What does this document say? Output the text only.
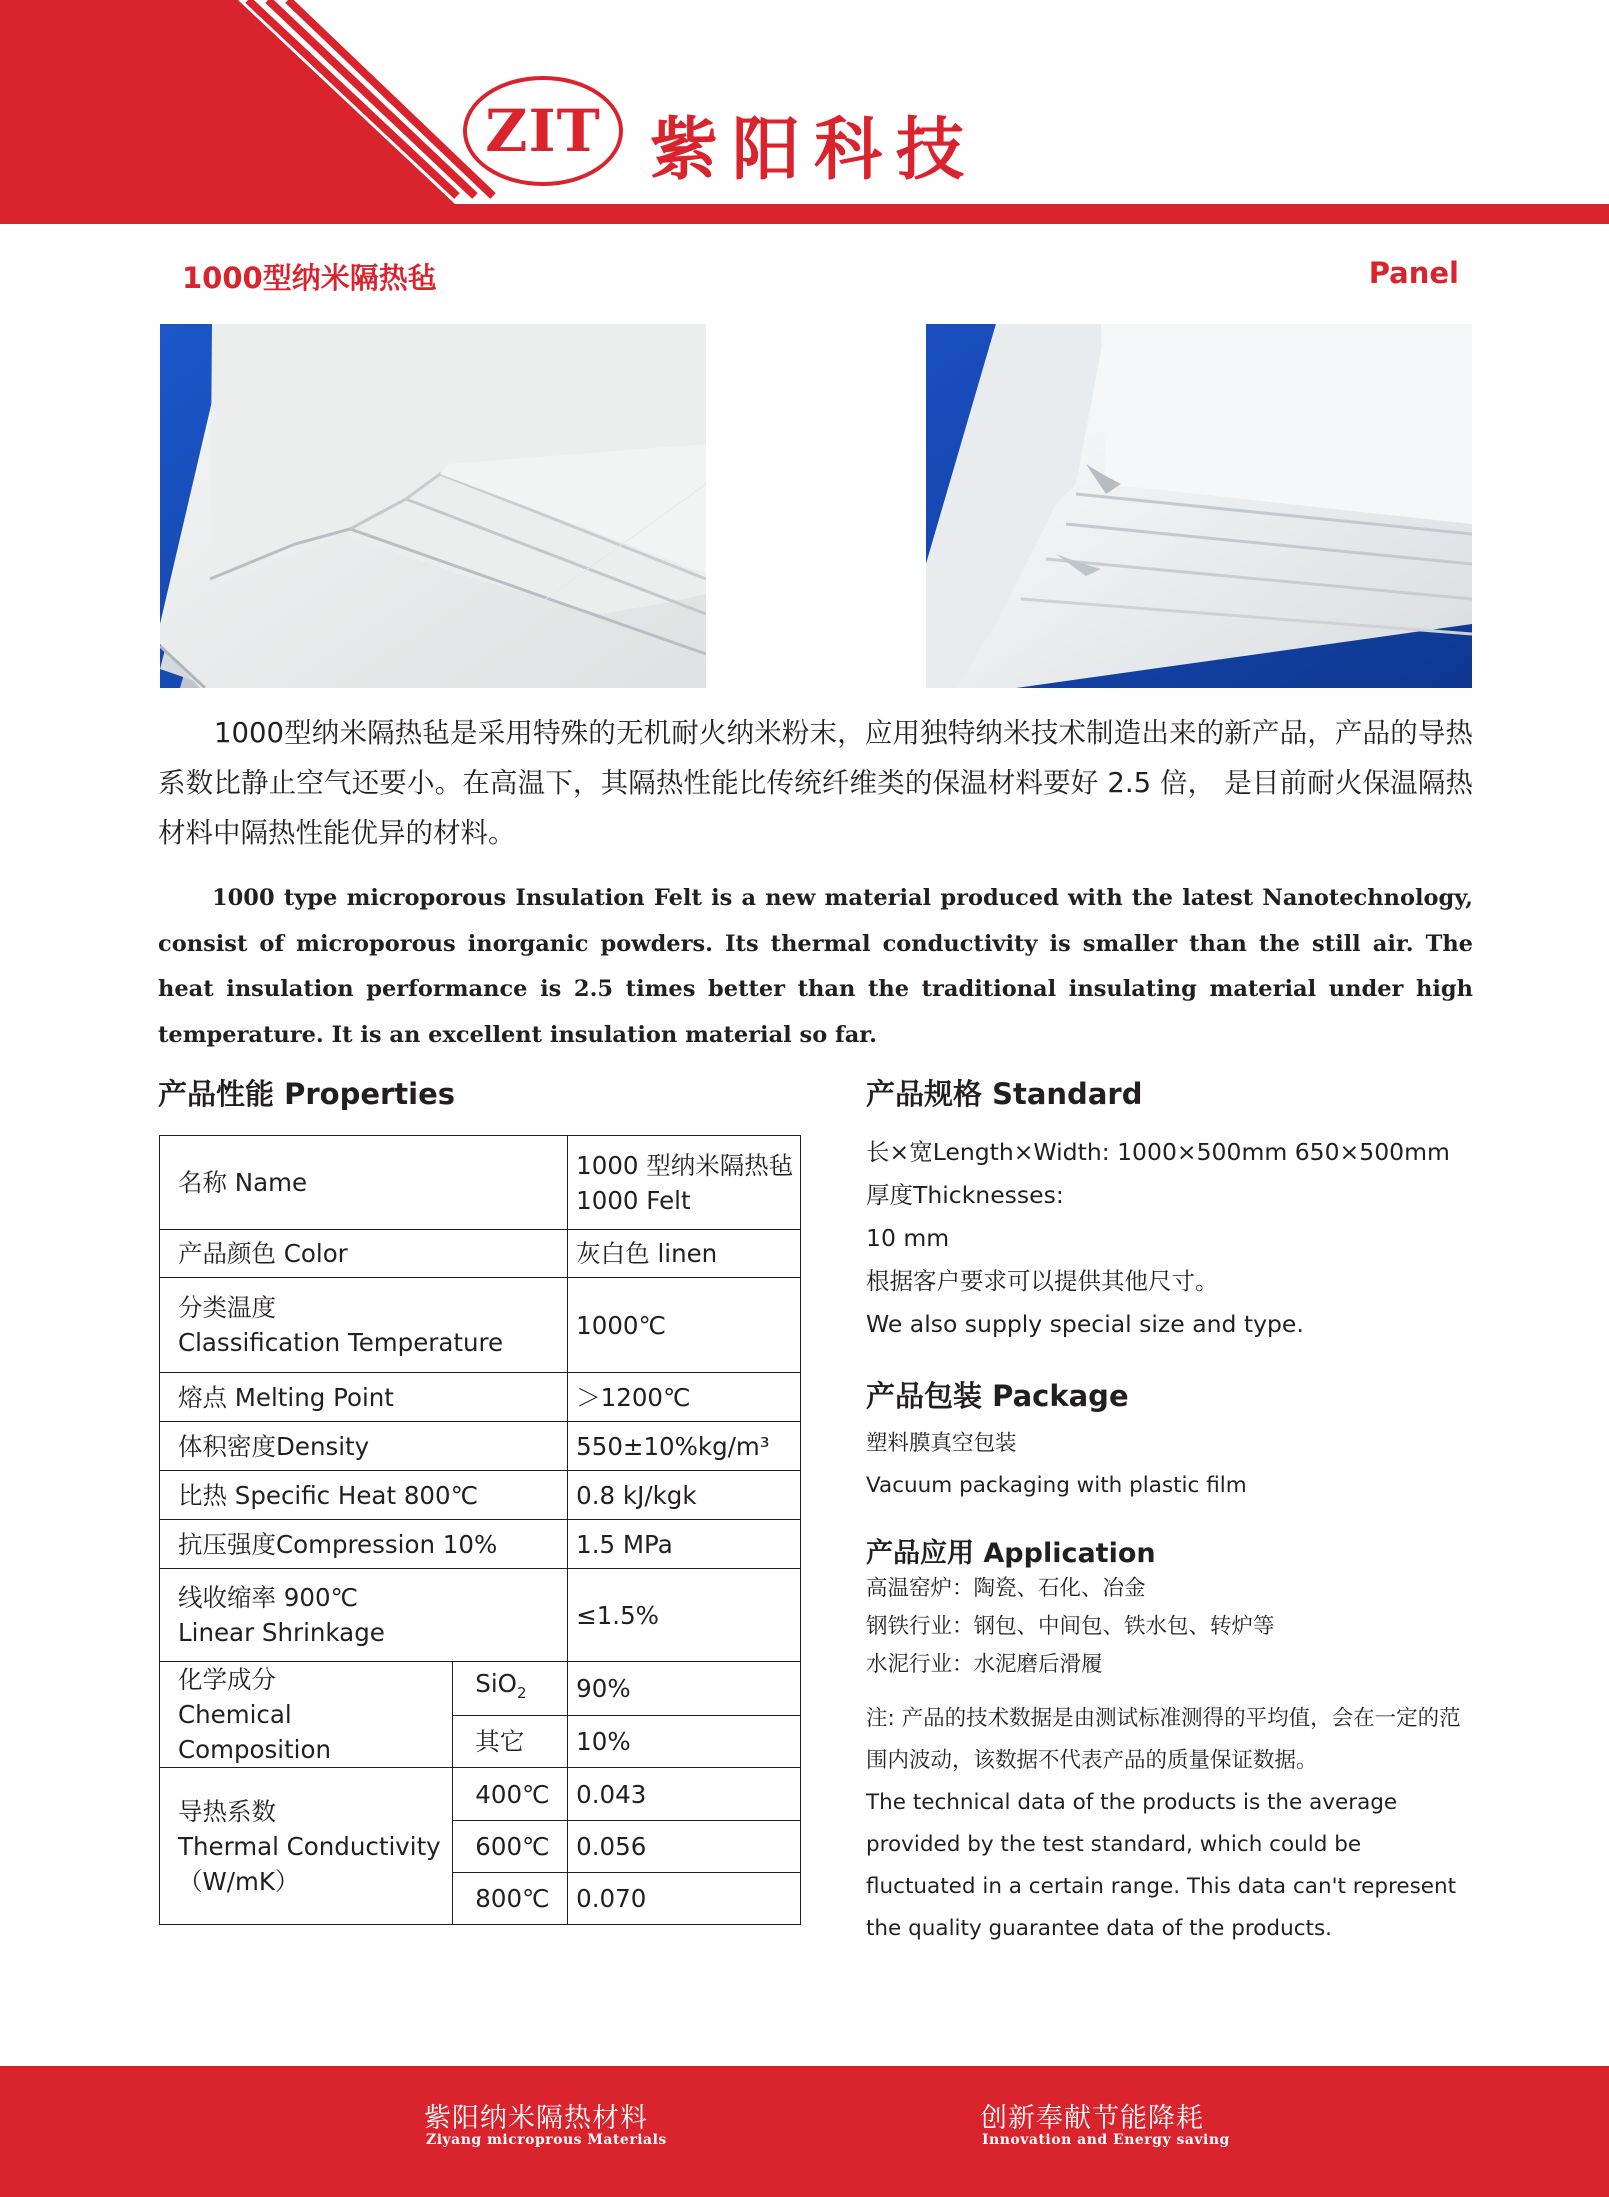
ZIT 紫阳科技
1000型纳米隔热毡	Panel
1000型纳米隔热毡是采用特殊的无机耐火纳米粉末，应用独特纳米技术制造出来的新产品，产品的导热系数比静止空气还要小。在高温下，其隔热性能比传统纤维类的保温材料要好 2.5 倍， 是目前耐火保温隔热材料中隔热性能优异的材料。
1000 type microporous Insulation Felt is a new material produced with the latest Nanotechnology, consist of microporous inorganic powders. Its thermal conductivity is smaller than the still air. The heat insulation performance is 2.5 times better than the traditional insulating material under high temperature. It is an excellent insulation material so far.
产品性能 Properties
名称 Name		1000 型纳米隔热毡
1000 Felt

产品颜色 Color		灰白色 linen

分类温度
Classification Temperature		1000℃
熔点 Melting Point		＞1200℃
体积密度Density		550±10%kg/m³
比热 Specific Heat 800℃		0.8 kJ/kgk
抗压强度Compression 10%		1.5 MPa

线收缩率 900℃
Linear Shrinkage		≤1.5%

化学成分
Chemical Composition	SiO$_2$	90%
	其它	10%

导热系数
Thermal Conductivity
（W/mK）	400℃	0.043
	600℃	0.056
	800℃	0.070
产品规格 Standard
长×宽Length×Width: 1000×500mm 650×500mm
厚度Thicknesses:
10 mm
根据客户要求可以提供其他尺寸。
We also supply special size and type.
产品包装 Package
塑料膜真空包装
Vacuum packaging with plastic film
产品应用 Application
高温窑炉：陶瓷、石化、冶金
钢铁行业：钢包、中间包、铁水包、转炉等
水泥行业：水泥磨后滑履
注: 产品的技术数据是由测试标准测得的平均值，会在一定的范围内波动，该数据不代表产品的质量保证数据。
The technical data of the products is the average provided by the test standard, which could be fluctuated in a certain range. This data can't represent the quality guarantee data of the products.
紫阳纳米隔热材料
Ziyang microprous Materials
创新奉献节能降耗
Innovation and Energy saving
